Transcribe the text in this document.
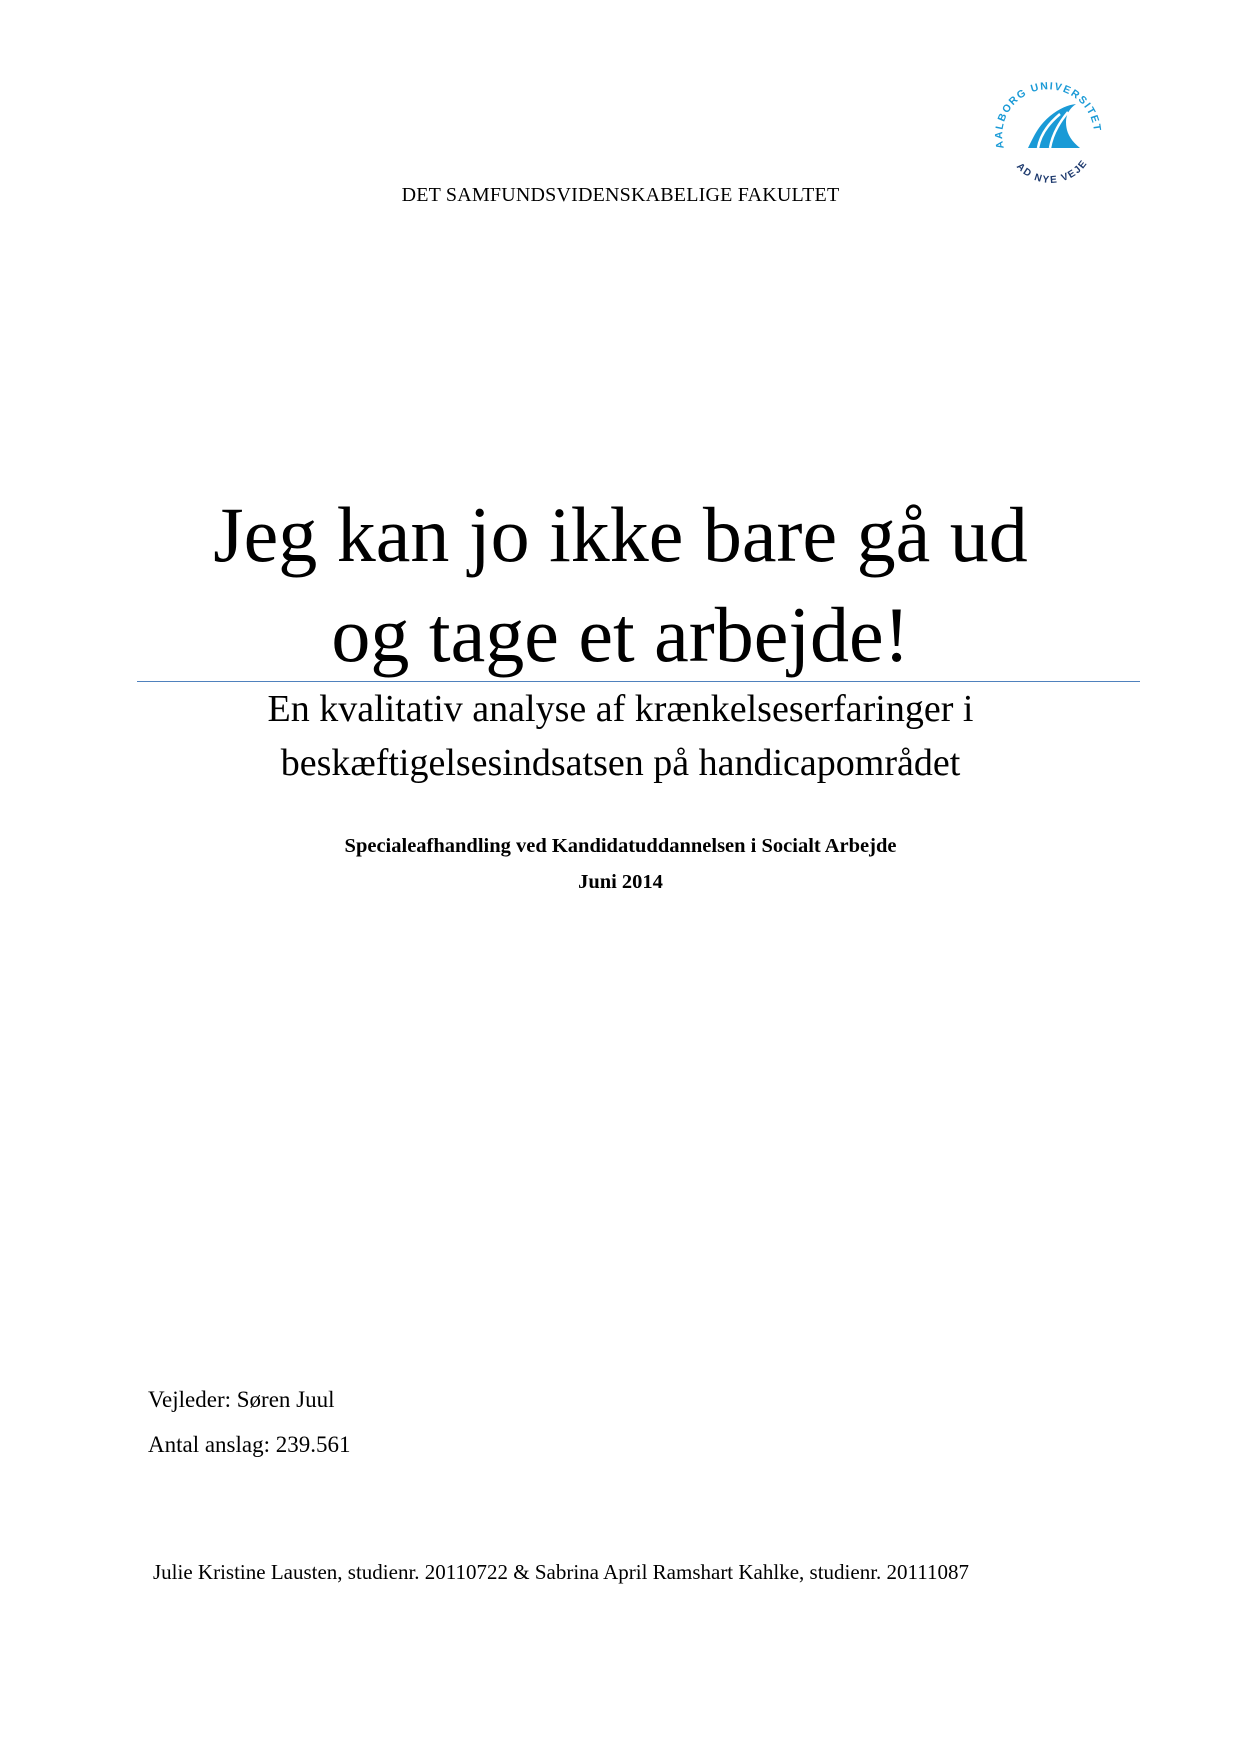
DET SAMFUNDSVIDENSKABELIGE FAKULTET
AALBORG UNIVERSITET
AD NYE VEJE
Jeg kan jo ikke bare gå ud
og tage et arbejde!
En kvalitativ analyse af krænkelseserfaringer i
beskæftigelsesindsatsen på handicapområdet
Specialeafhandling ved Kandidatuddannelsen i Socialt Arbejde
Juni 2014
Vejleder: Søren Juul
Antal anslag: 239.561
Julie Kristine Lausten, studienr. 20110722 & Sabrina April Ramshart Kahlke, studienr. 20111087
